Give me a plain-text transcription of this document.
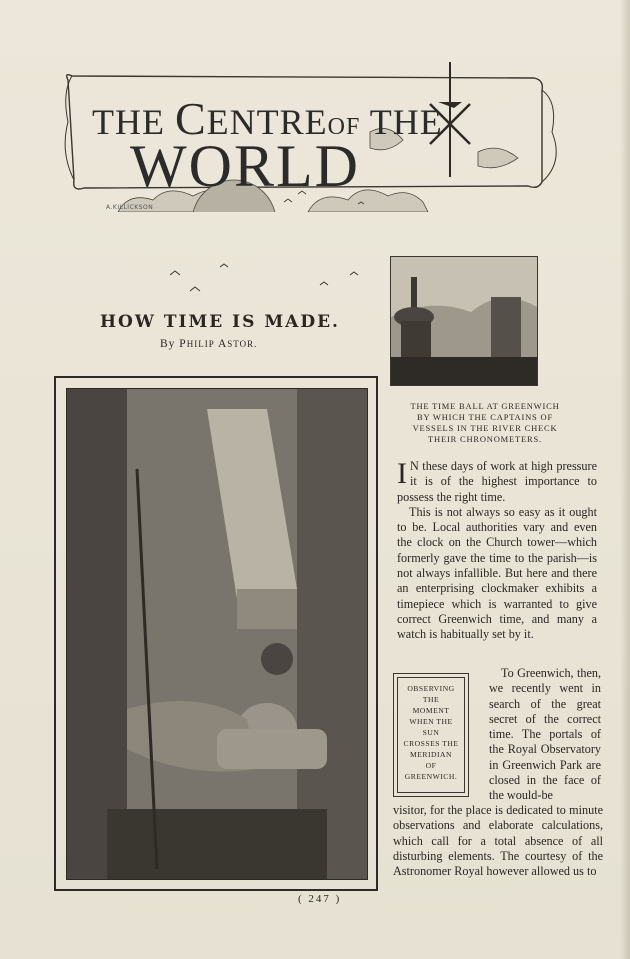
THE CENTREOF THE
WORLD
A.KILLICKSON
HOW TIME IS MADE.
By PHILIP ASTOR.
THE TIME BALL AT GREENWICH
BY WHICH THE CAPTAINS OF
VESSELS IN THE RIVER CHECK
THEIR CHRONOMETERS.
I N these days of work at high pressure it is of the highest importance to possess the right time.
This is not always so easy as it ought to be. Local authorities vary and even the clock on the Church tower—which formerly gave the time to the parish—is not always infallible. But here and there an enterprising clockmaker exhibits a timepiece which is warranted to give correct Greenwich time, and many a watch is habitually set by it.
OBSERVING
THE
MOMENT
WHEN THE
SUN
CROSSES THE
MERIDIAN
OF
GREENWICH.
To Greenwich, then, we recently went in search of the great secret of the correct time. The portals of the Royal Observatory in Greenwich Park are closed in the face of the would-be
visitor, for the place is dedicated to minute observations and elaborate calculations, which call for a total absence of all disturbing elements. The courtesy of the Astronomer Royal however allowed us to
( 247 )
